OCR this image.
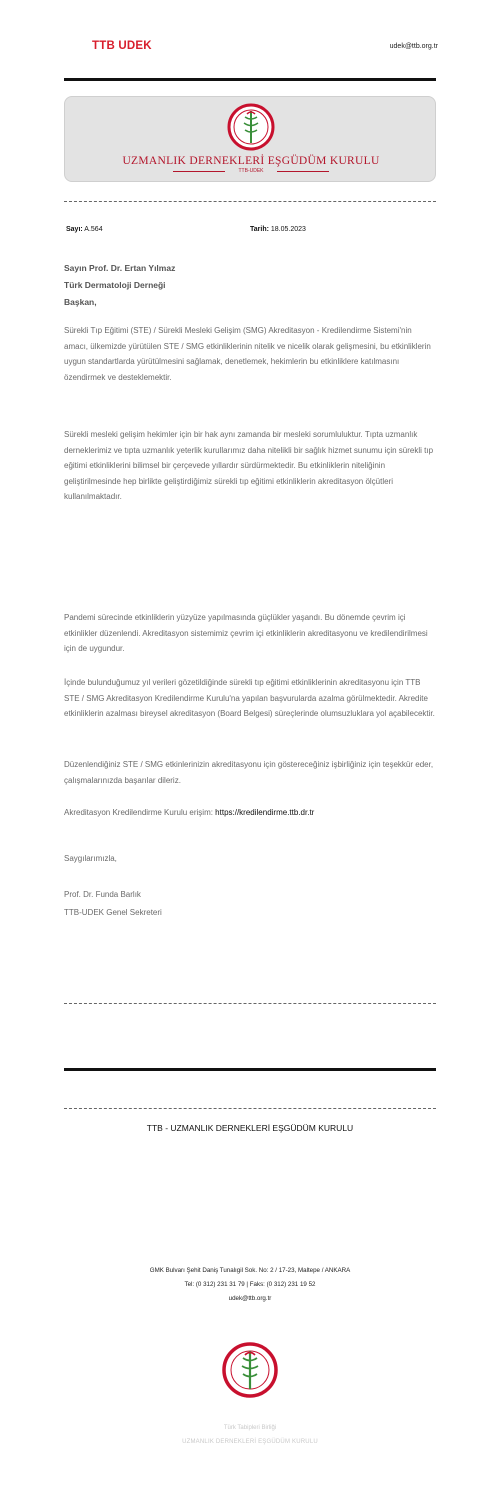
TTB UDEK	udek@ttb.org.tr
UZMANLIK DERNEKLERİ EŞGÜDÜM KURULU
TTB-UDEK
Sayı: A.564	Tarih: 18.05.2023
Sayın Prof. Dr. Ertan Yılmaz
Türk Dermatoloji Derneği
Başkan,

Sürekli Tıp Eğitimi (STE) / Sürekli Mesleki Gelişim (SMG) Akreditasyon - Kredilendirme Sistemi'nin amacı, ülkemizde yürütülen STE / SMG etkinliklerinin nitelik ve nicelik olarak gelişmesini, bu etkinliklerin uygun standartlarda yürütülmesini sağlamak, denetlemek, hekimlerin bu etkinliklere katılmasını özendirmek ve desteklemektir.

Sürekli mesleki gelişim hekimler için bir hak aynı zamanda bir mesleki sorumluluktur. Tıpta uzmanlık derneklerimiz ve tıpta uzmanlık yeterlik kurullarımız daha nitelikli bir sağlık hizmet sunumu için sürekli tıp eğitimi etkinliklerini bilimsel bir çerçevede yıllardır sürdürmektedir. Bu etkinliklerin niteliğinin geliştirilmesinde hep birlikte geliştirdiğimiz sürekli tıp eğitimi etkinliklerin akreditasyon ölçütleri kullanılmaktadır.

Pandemi sürecinde etkinliklerin yüzyüze yapılmasında güçlükler yaşandı. Bu dönemde çevrim içi etkinlikler düzenlendi. Akreditasyon sistemimiz çevrim içi etkinliklerin akreditasyonu ve kredilendirilmesi için de uygundur.

İçinde bulunduğumuz yıl verileri gözetildiğinde sürekli tıp eğitimi etkinliklerinin akreditasyonu için TTB STE / SMG Akreditasyon Kredilendirme Kurulu'na yapılan başvurularda azalma görülmektedir. Akredite etkinliklerin azalması bireysel akreditasyon (Board Belgesi) süreçlerinde olumsuzluklara yol açabilecektir.

Düzenlendiğiniz STE / SMG etkinlerinizin akreditasyonu için göstereceğiniz işbirliğiniz için teşekkür eder, çalışmalarınızda başarılar dileriz.

Akreditasyon Kredilendirme Kurulu erişim: https://kredilendirme.ttb.dr.tr

Saygılarımızla,

Prof. Dr. Funda Barlık

TTB-UDEK Genel Sekreteri

TTB - UZMANLIK DERNEKLERİ EŞGÜDÜM KURULU
GMK Bulvarı Şehit Daniş Tunalıgil Sok. No: 2 / 17-23, Maltepe / ANKARA
Tel: (0 312) 231 31 79 | Faks: (0 312) 231 19 52
udek@ttb.org.tr
Türk Tabipleri Birliği
UZMANLIK DERNEKLERİ EŞGÜDÜM KURULU
